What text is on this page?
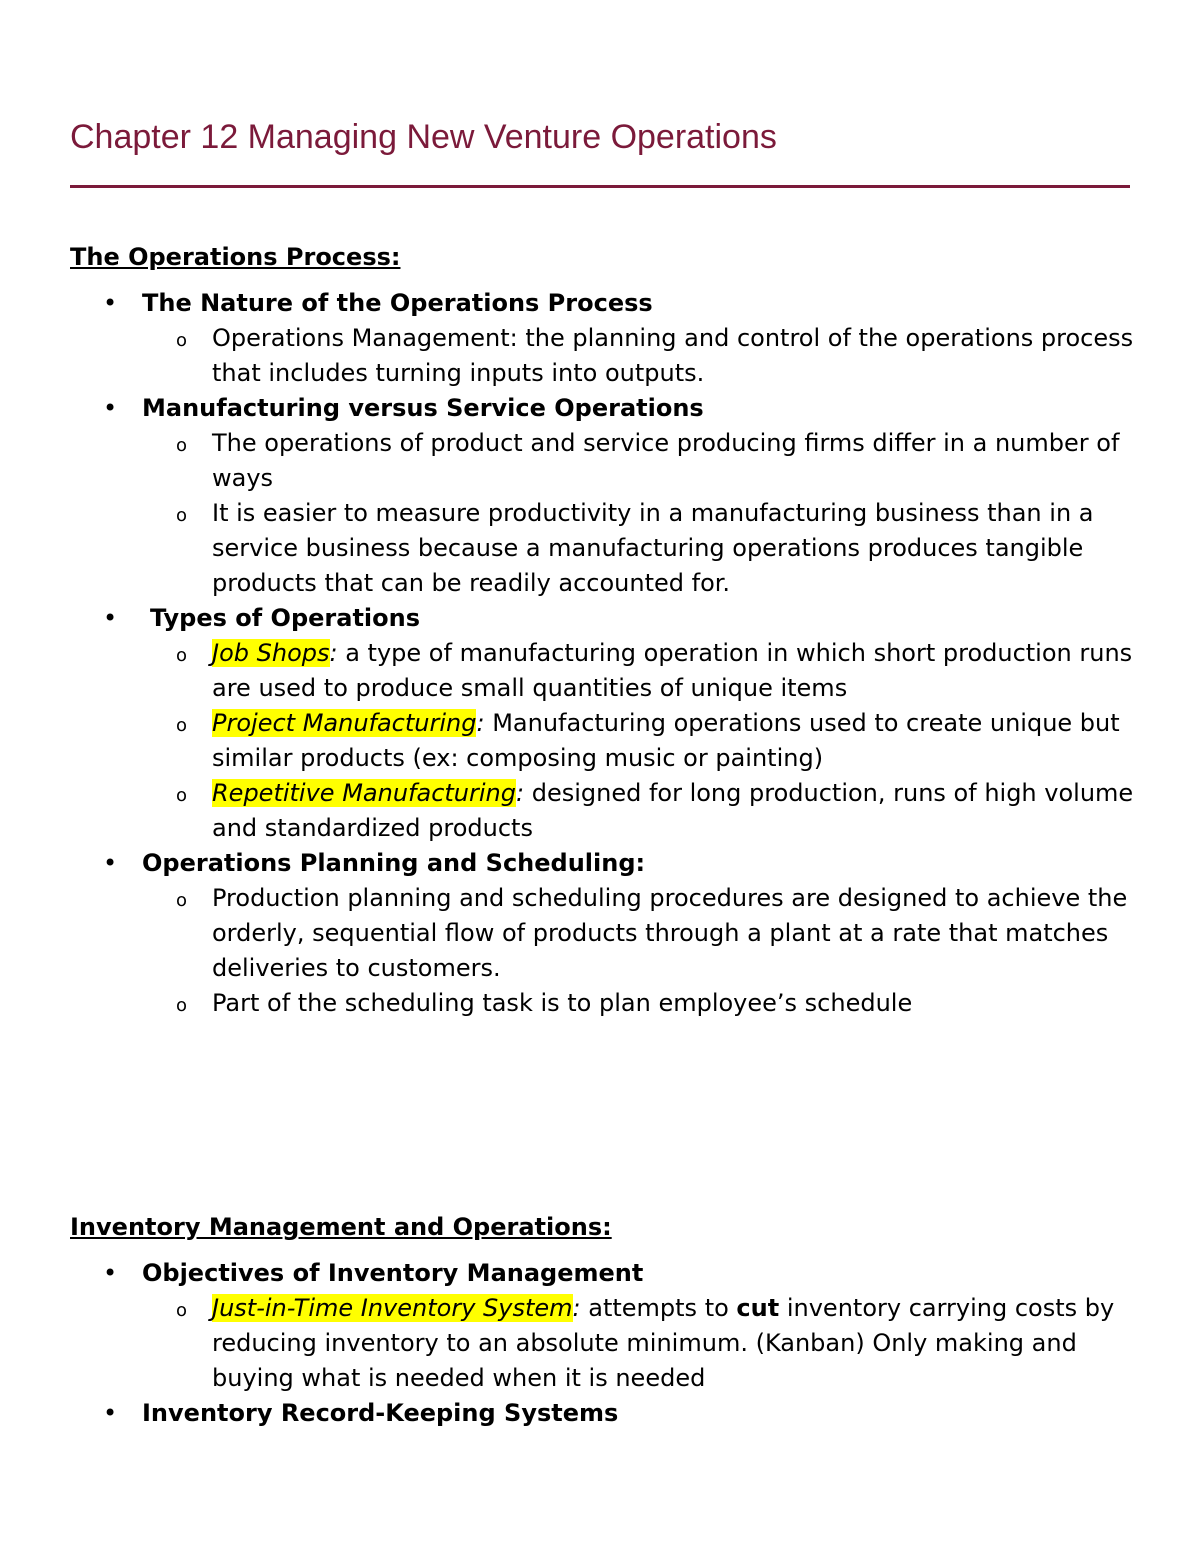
Chapter 12 Managing New Venture Operations
The Operations Process:
• The Nature of the Operations Process
o Operations Management: the planning and control of the operations process that includes turning inputs into outputs.
• Manufacturing versus Service Operations
o The operations of product and service producing firms differ in a number of ways
o It is easier to measure productivity in a manufacturing business than in a service business because a manufacturing operations produces tangible products that can be readily accounted for.
• Types of Operations
o Job Shops: a type of manufacturing operation in which short production runs are used to produce small quantities of unique items
o Project Manufacturing: Manufacturing operations used to create unique but similar products (ex: composing music or painting)
o Repetitive Manufacturing: designed for long production, runs of high volume and standardized products
• Operations Planning and Scheduling:
o Production planning and scheduling procedures are designed to achieve the orderly, sequential flow of products through a plant at a rate that matches deliveries to customers.
o Part of the scheduling task is to plan employee’s schedule
Inventory Management and Operations:
• Objectives of Inventory Management
o Just-in-Time Inventory System: attempts to cut inventory carrying costs by reducing inventory to an absolute minimum. (Kanban) Only making and buying what is needed when it is needed
• Inventory Record-Keeping Systems
